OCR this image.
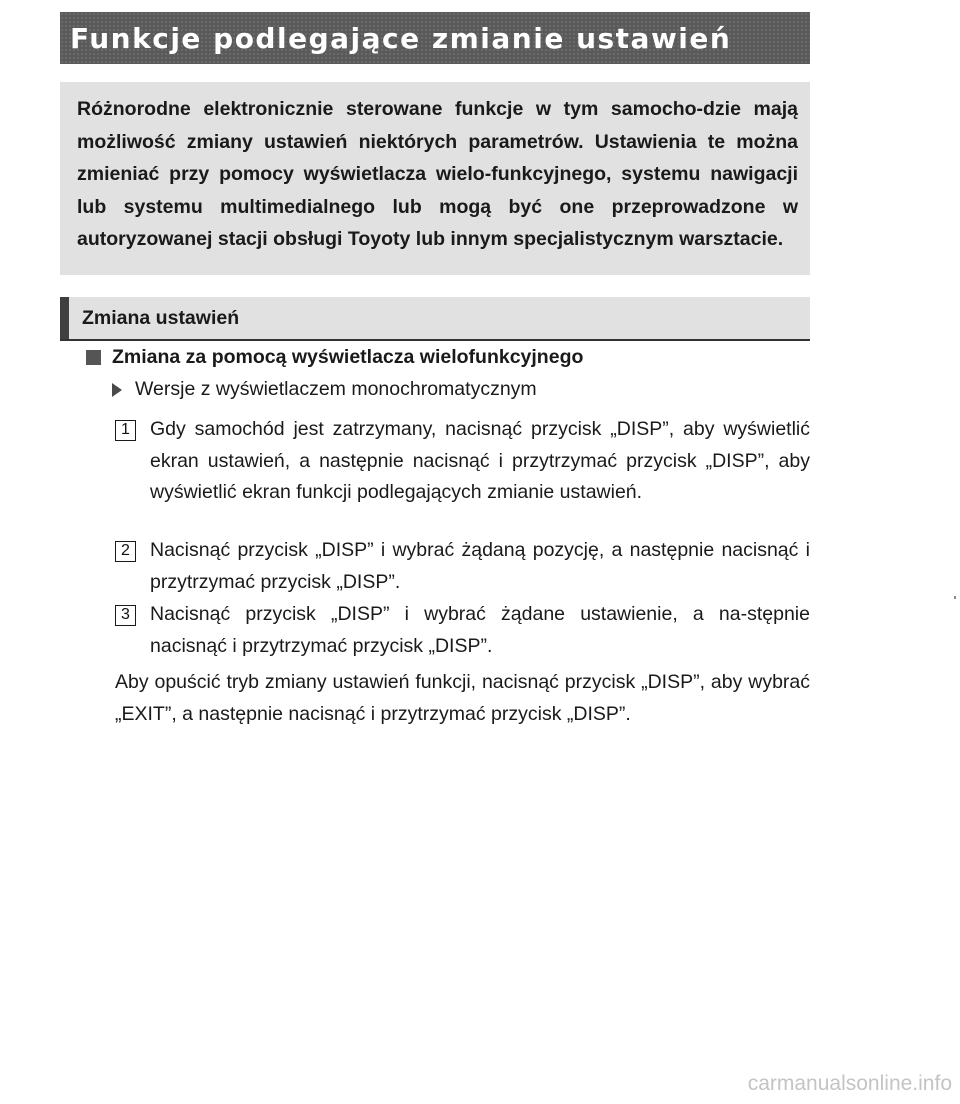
Funkcje podlegające zmianie ustawień

Różnorodne elektronicznie sterowane funkcje w tym samocho-dzie mają możliwość zmiany ustawień niektórych parametrów. Ustawienia te można zmieniać przy pomocy wyświetlacza wielo-funkcyjnego, systemu nawigacji lub systemu multimedialnego lub mogą być one przeprowadzone w autoryzowanej stacji obsługi Toyoty lub innym specjalistycznym warsztacie.

Zmiana ustawień
Zmiana za pomocą wyświetlacza wielofunkcyjnego
Wersje z wyświetlaczem monochromatycznym
1	Gdy samochód jest zatrzymany, nacisnąć przycisk „DISP”, aby wyświetlić ekran ustawień, a następnie nacisnąć i przytrzymać przycisk „DISP”, aby wyświetlić ekran funkcji podlegających zmianie ustawień.

2	Nacisnąć przycisk „DISP” i wybrać żądaną pozycję, a następnie nacisnąć i przytrzymać przycisk „DISP”.

3	Nacisnąć przycisk „DISP” i wybrać żądane ustawienie, a na-stępnie nacisnąć i przytrzymać przycisk „DISP”.

Aby opuścić tryb zmiany ustawień funkcji, nacisnąć przycisk „DISP”, aby wybrać „EXIT”, a następnie nacisnąć i przytrzymać przycisk „DISP”.

carmanualsonline.info
